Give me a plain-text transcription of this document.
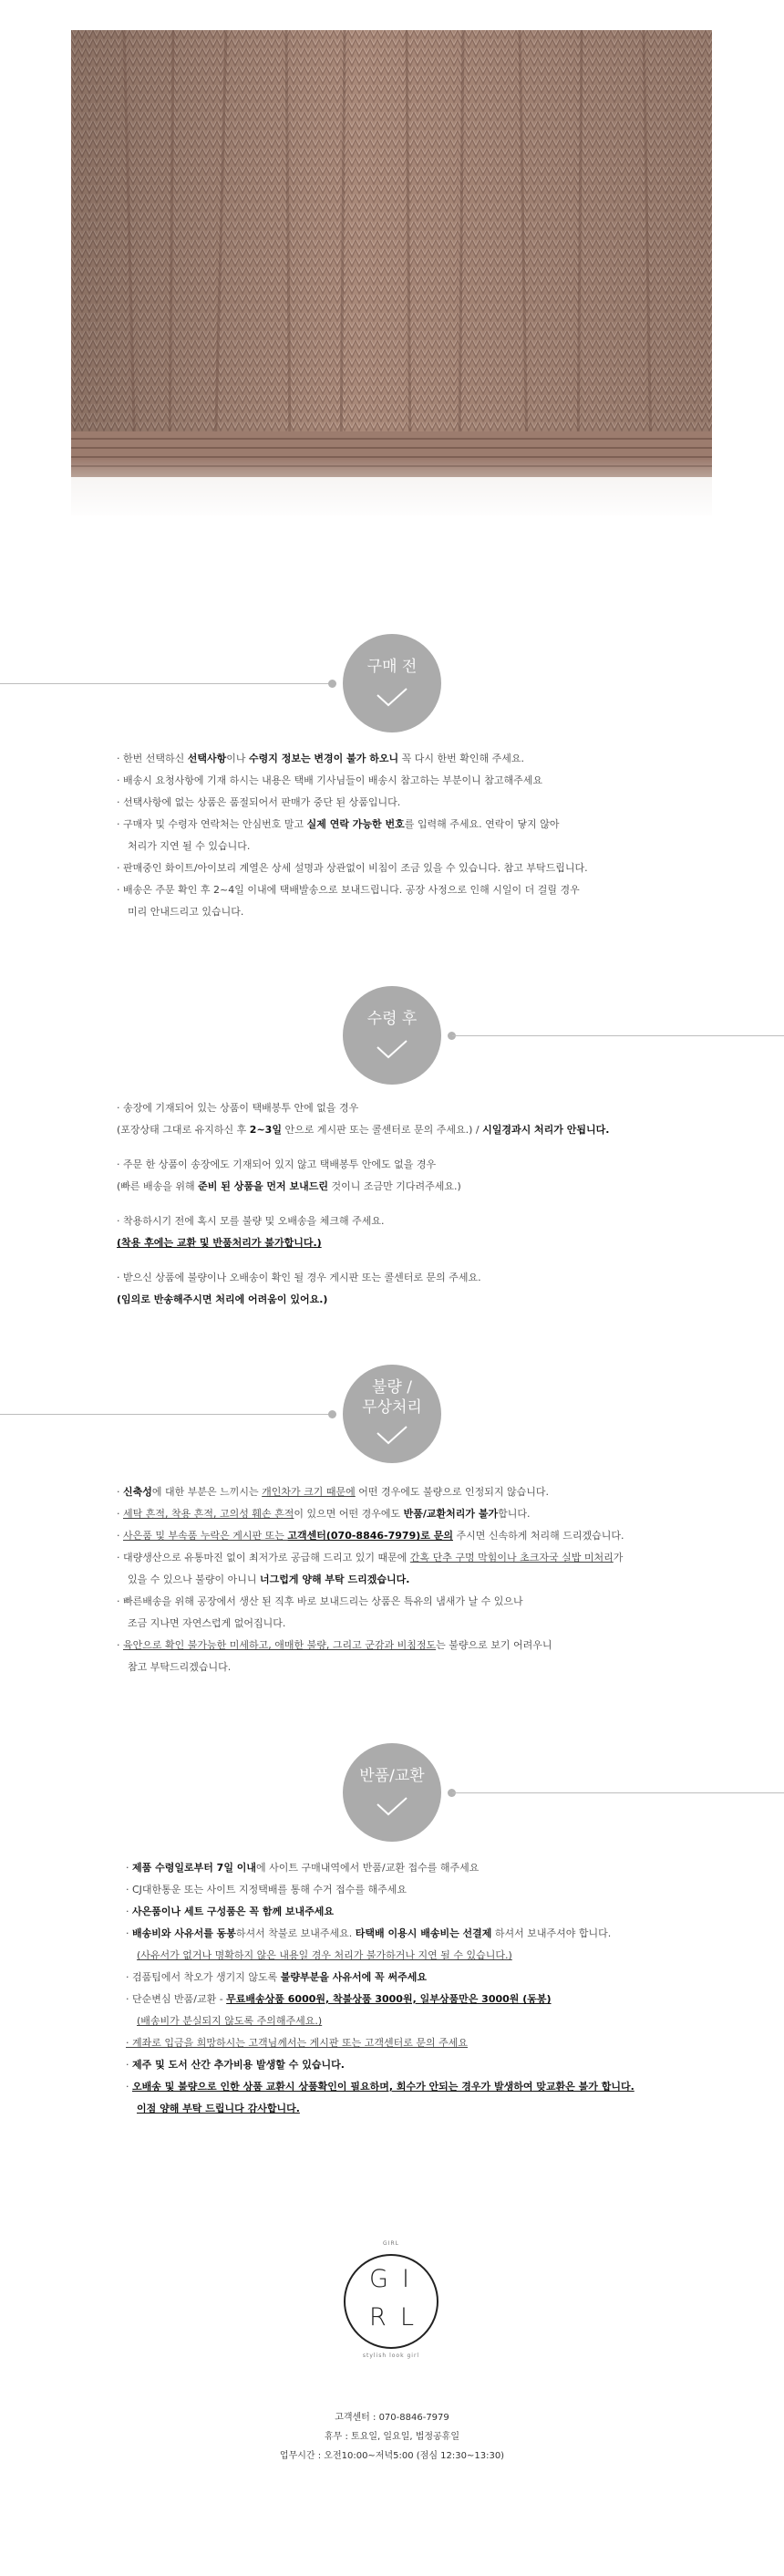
구매 전
수령 후
불량 /
무상처리
반품/교환
· 한번 선택하신 선택사항이나 수령지 정보는 변경이 불가 하오니 꼭 다시 한번 확인해 주세요.
· 배송시 요청사항에 기재 하시는 내용은 택배 기사님들이 배송시 참고하는 부분이니 참고해주세요
· 선택사항에 없는 상품은 품절되어서 판매가 중단 된 상품입니다.
· 구매자 및 수령자 연락처는 안심번호 말고 실제 연락 가능한 번호를 입력해 주세요. 연락이 닿지 않아
처리가 지연 될 수 있습니다.
· 판매중인 화이트/아이보리 계열은 상세 설명과 상관없이 비침이 조금 있을 수 있습니다. 참고 부탁드립니다.
· 배송은 주문 확인 후 2~4일 이내에 택배발송으로 보내드립니다. 공장 사정으로 인해 시일이 더 걸릴 경우
미리 안내드리고 있습니다.
· 송장에 기재되어 있는 상품이 택배봉투 안에 없을 경우
(포장상태 그대로 유지하신 후 2~3일 안으로 게시판 또는 콜센터로 문의 주세요.) / 시일경과시 처리가 안됩니다.
· 주문 한 상품이 송장에도 기재되어 있지 않고 택배봉투 안에도 없을 경우
(빠른 배송을 위해 준비 된 상품을 먼저 보내드린 것이니 조금만 기다려주세요.)
· 착용하시기 전에 혹시 모를 불량 및 오배송을 체크해 주세요.
(착용 후에는 교환 및 반품처리가 불가합니다.)
· 받으신 상품에 불량이나 오배송이 확인 될 경우 게시판 또는 콜센터로 문의 주세요.
(임의로 반송해주시면 처리에 어려움이 있어요.)
· 신축성에 대한 부분은 느끼시는 개인차가 크기 때문에 어떤 경우에도 불량으로 인정되지 않습니다.
· 세탁 흔적, 착용 흔적, 고의성 훼손 흔적이 있으면 어떤 경우에도 반품/교환처리가 불가합니다.
· 사은품 및 부속품 누락은 게시판 또는 고객센터(070-8846-7979)로 문의 주시면 신속하게 처리해 드리겠습니다.
· 대량생산으로 유통마진 없이 최저가로 공급해 드리고 있기 때문에 간혹 단추 구멍 막힘이나 초크자국 실밥 미처리가
있을 수 있으나 불량이 아니니 너그럽게 양해 부탁 드리겠습니다.
· 빠른배송을 위해 공장에서 생산 된 직후 바로 보내드리는 상품은 특유의 냄새가 날 수 있으나
조금 지나면 자연스럽게 없어집니다.
· 육안으로 확인 불가능한 미세하고, 애매한 불량, 그리고 군감과 비침정도는 불량으로 보기 어려우니
참고 부탁드리겠습니다.
· 제품 수령일로부터 7일 이내에 사이트 구매내역에서 반품/교환 접수를 해주세요
· CJ대한통운 또는 사이트 지정택배를 통해 수거 접수를 해주세요
· 사은품이나 세트 구성품은 꼭 함께 보내주세요
· 배송비와 사유서를 동봉하셔서 착불로 보내주세요. 타택배 이용시 배송비는 선결제 하셔서 보내주셔야 합니다.
(사유서가 없거나 명확하지 않은 내용일 경우 처리가 불가하거나 지연 될 수 있습니다.)
· 검품팀에서 착오가 생기지 않도록 불량부분을 사유서에 꼭 써주세요
· 단순변심 반품/교환 - 무료배송상품 6000원, 착불상품 3000원, 일부상품만은 3000원 (동봉)
(배송비가 분실되지 않도록 주의해주세요.)
· 계좌로 입금을 희망하시는 고객님께서는 게시판 또는 고객센터로 문의 주세요
· 제주 및 도서 산간 추가비용 발생할 수 있습니다.
· 오배송 및 불량으로 인한 상품 교환시 상품확인이 필요하며, 회수가 안되는 경우가 발생하여 맞교환은 불가 합니다.
이점 양해 부탁 드립니다 감사합니다.
GIRL
G I
R L
stylish look girl
고객센터 : 070-8846-7979
휴무 : 토요일, 일요일, 법정공휴일
업무시간 : 오전10:00~저녁5:00 (점심 12:30~13:30)
